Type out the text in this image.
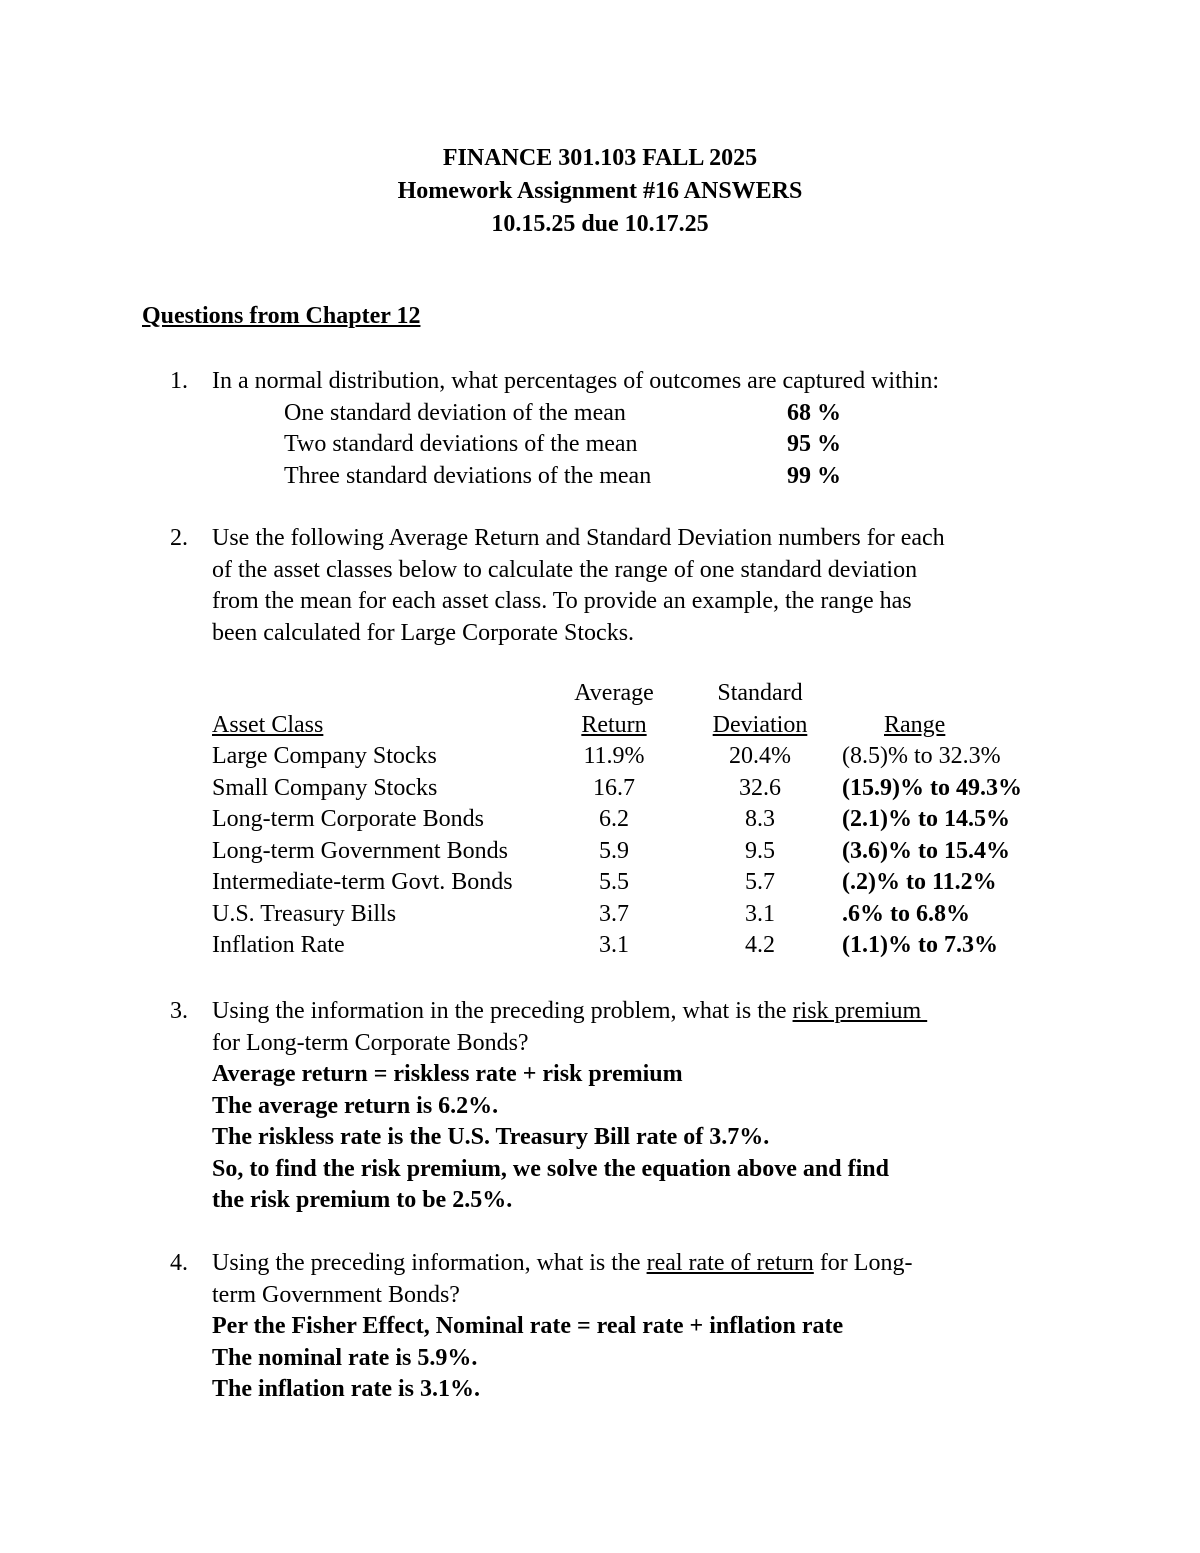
FINANCE 301.103 FALL 2025
Homework Assignment #16 ANSWERS
10.15.25 due 10.17.25
Questions from Chapter 12
1. In a normal distribution, what percentages of outcomes are captured within:
One standard deviation of the mean	68 %
Two standard deviations of the mean	95 %
Three standard deviations of the mean	99 %
2. Use the following Average Return and Standard Deviation numbers for each
of the asset classes below to calculate the range of one standard deviation
from the mean for each asset class. To provide an example, the range has
been calculated for Large Corporate Stocks.
Average	Standard
Asset Class	Return	Deviation	Range
Large Company Stocks	11.9%	20.4%	(8.5)% to 32.3%
Small Company Stocks	16.7	32.6	(15.9)% to 49.3%
Long-term Corporate Bonds	6.2	8.3	(2.1)% to 14.5%
Long-term Government Bonds	5.9	9.5	(3.6)% to 15.4%
Intermediate-term Govt. Bonds	5.5	5.7	(.2)% to 11.2%
U.S. Treasury Bills	3.7	3.1	.6% to 6.8%
Inflation Rate	3.1	4.2	(1.1)% to 7.3%
3. Using the information in the preceding problem, what is the risk premium
for Long-term Corporate Bonds?
Average return = riskless rate + risk premium
The average return is 6.2%.
The riskless rate is the U.S. Treasury Bill rate of 3.7%.
So, to find the risk premium, we solve the equation above and find
the risk premium to be 2.5%.
4. Using the preceding information, what is the real rate of return for Long-
term Government Bonds?
Per the Fisher Effect, Nominal rate = real rate + inflation rate
The nominal rate is 5.9%.
The inflation rate is 3.1%.
